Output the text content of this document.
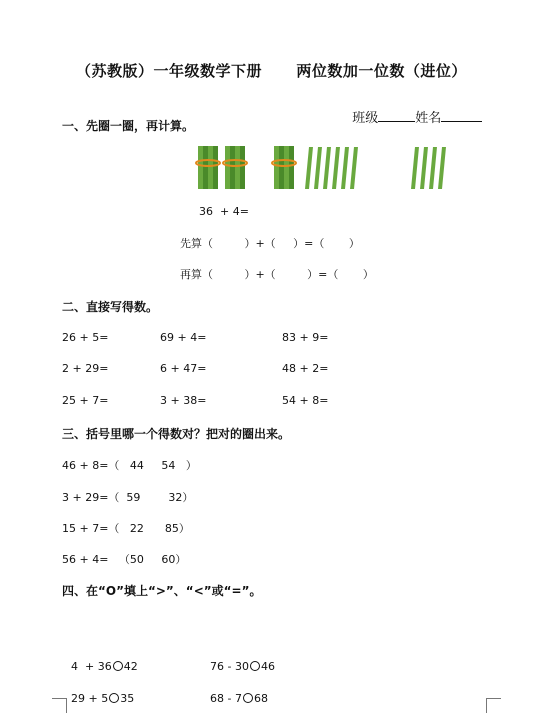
（苏教版）一年级数学下册      两位数加一位数（进位）

班级	姓名

一、先圈一圈，再计算。
36  + 4=
先算（         ）+（     ）=（       ）
再算（         ）+（         ）=（       ）
二、直接写得数。
26 + 5=	69 + 4=	83 + 9=
2 + 29=	6 + 47=	48 + 2=
25 + 7=	3 + 38=	54 + 8=
三、括号里哪一个得数对？把对的圈出来。
46 + 8=（   44     54   ）
3 + 29=（  59        32）
15 + 7=（   22      85）
56 + 4=   （50     60）
四、在“O”填上“>”、“<”或“=”。

4  + 36 42	76 - 30 46

29 + 5 35	68 - 7 68
